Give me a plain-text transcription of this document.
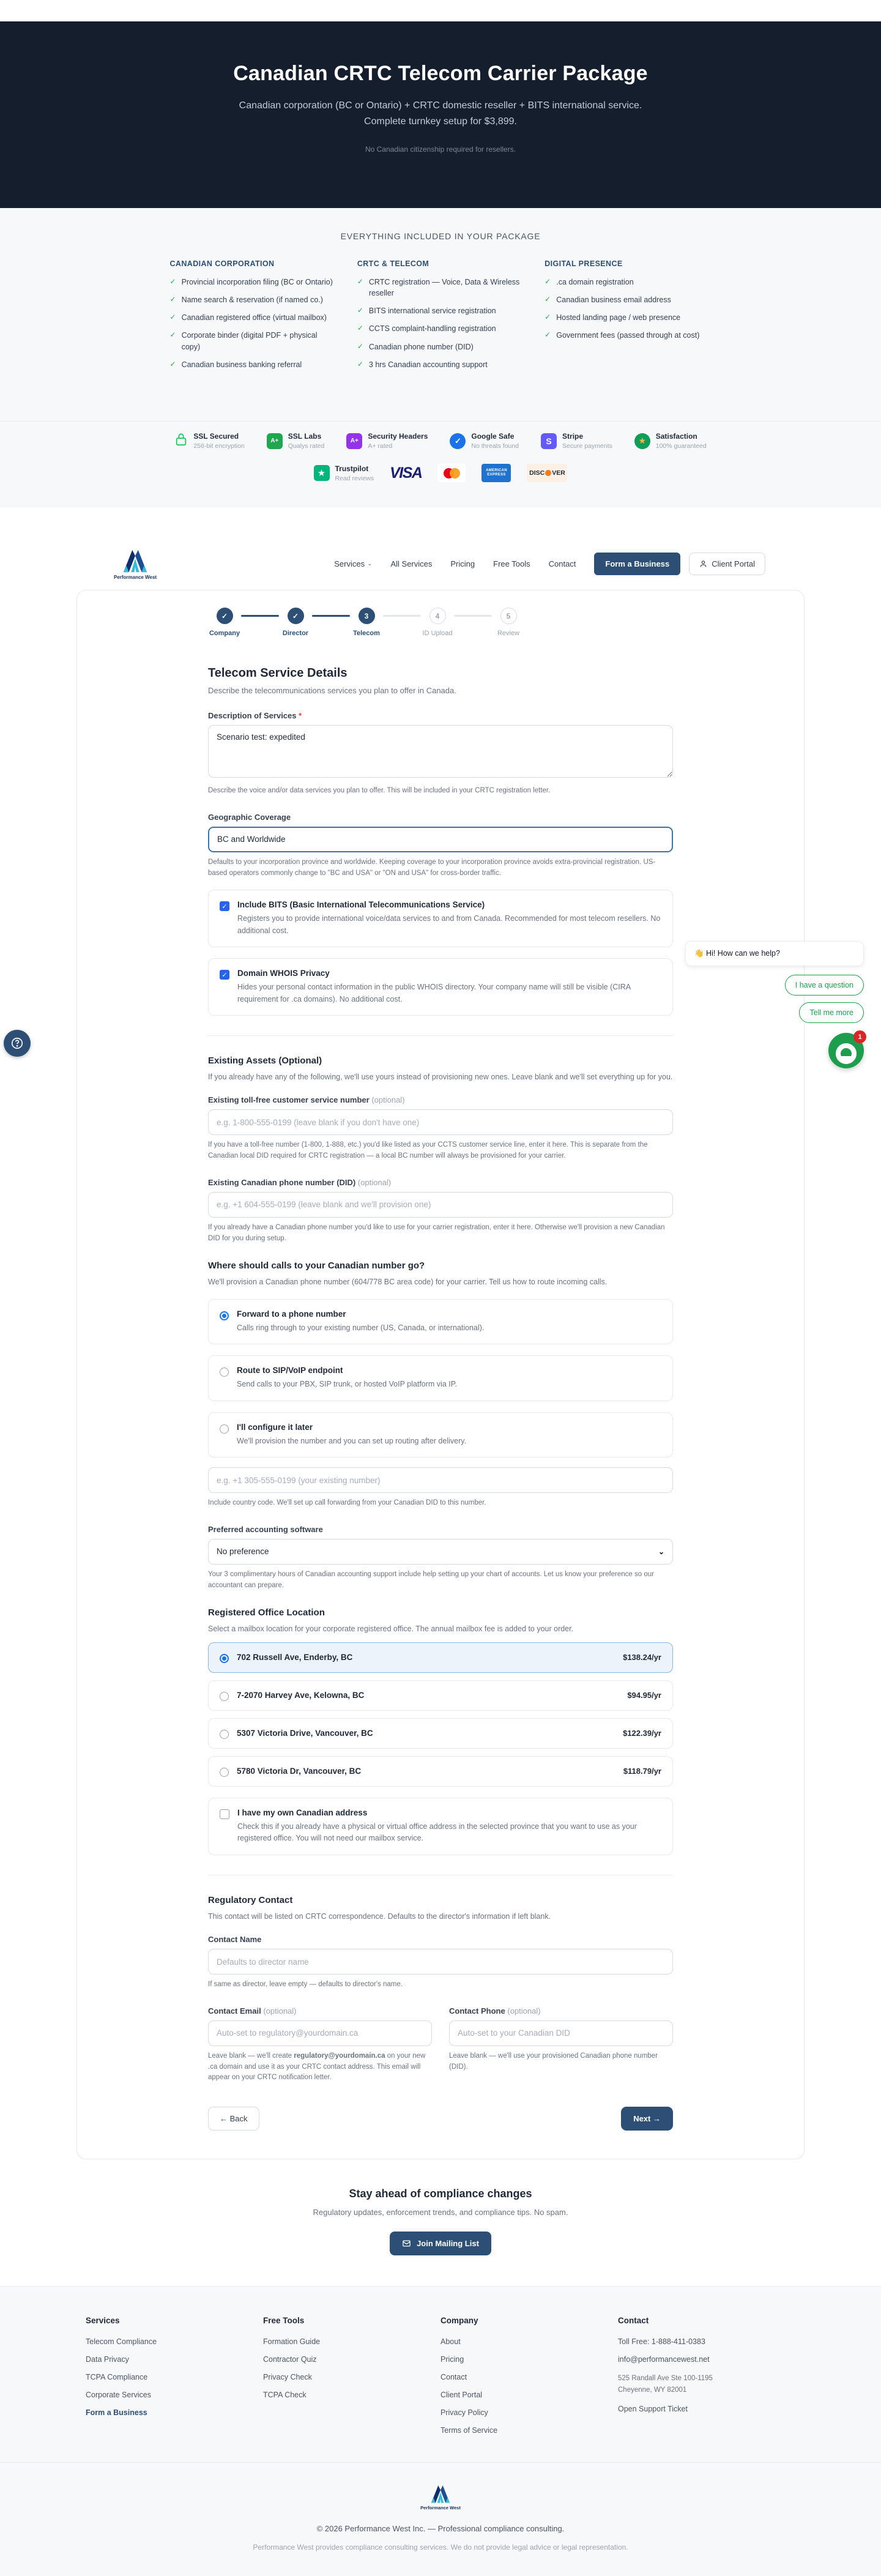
Canadian CRTC Telecom Carrier Package
Canadian corporation (BC or Ontario) + CRTC domestic reseller + BITS international service. Complete turnkey setup for $3,899.
No Canadian citizenship required for resellers.
EVERYTHING INCLUDED IN YOUR PACKAGE
CANADIAN CORPORATION
✓ Provincial incorporation filing (BC or Ontario)
✓ Name search & reservation (if named co.)
✓ Canadian registered office (virtual mailbox)
✓ Corporate binder (digital PDF + physical copy)
✓ Canadian business banking referral
CRTC & TELECOM
✓ CRTC registration — Voice, Data & Wireless reseller
✓ BITS international service registration
✓ CCTS complaint-handling registration
✓ Canadian phone number (DID)
✓ 3 hrs Canadian accounting support
DIGITAL PRESENCE
✓ .ca domain registration
✓ Canadian business email address
✓ Hosted landing page / web presence
✓ Government fees (passed through at cost)
SSL Secured
256-bit encryption
A+
SSL Labs
Qualys rated
A+
Security Headers
A+ rated
✓	Google Safe
No threats found
S	Stripe
Secure payments
★	Satisfaction
100% guaranteed
★	Trustpilot
Read reviews VISA	AMERICAN
EXPRESS	DISC VER
Performance West
Services ⌄ All Services Pricing Free Tools Contact	Form a Business	Client Portal
✓
Company
✓
Director
3
Telecom
4
ID Upload
5
Review
Telecom Service Details
Describe the telecommunications services you plan to offer in Canada.
Description of Services *
Scenario test: expedited
Describe the voice and/or data services you plan to offer. This will be included in your CRTC registration letter.
Geographic Coverage
BC and Worldwide
Defaults to your incorporation province and worldwide. Keeping coverage to your incorporation province avoids extra-provincial registration. US-based operators commonly change to "BC and USA" or "ON and USA" for cross-border traffic.
✓ Include BITS (Basic International Telecommunications Service)
Registers you to provide international voice/data services to and from Canada. Recommended for most telecom resellers. No additional cost.
✓ Domain WHOIS Privacy
Hides your personal contact information in the public WHOIS directory. Your company name will still be visible (CIRA requirement for .ca domains). No additional cost.
Existing Assets (Optional)
If you already have any of the following, we'll use yours instead of provisioning new ones. Leave blank and we'll set everything up for you.
Existing toll-free customer service number (optional)
e.g. 1-800-555-0199 (leave blank if you don't have one)
If you have a toll-free number (1-800, 1-888, etc.) you'd like listed as your CCTS customer service line, enter it here. This is separate from the Canadian local DID required for CRTC registration — a local BC number will always be provisioned for your carrier.
Existing Canadian phone number (DID) (optional)
e.g. +1 604-555-0199 (leave blank and we'll provision one)
If you already have a Canadian phone number you'd like to use for your carrier registration, enter it here. Otherwise we'll provision a new Canadian DID for you during setup.
Where should calls to your Canadian number go?
We'll provision a Canadian phone number (604/778 BC area code) for your carrier. Tell us how to route incoming calls.
Forward to a phone number
Calls ring through to your existing number (US, Canada, or international).
Route to SIP/VoIP endpoint
Send calls to your PBX, SIP trunk, or hosted VoIP platform via IP.
I'll configure it later
We'll provision the number and you can set up routing after delivery.
e.g. +1 305-555-0199 (your existing number)
Include country code. We'll set up call forwarding from your Canadian DID to this number.
Preferred accounting software
No preference	⌄
Your 3 complimentary hours of Canadian accounting support include help setting up your chart of accounts. Let us know your preference so our accountant can prepare.
Registered Office Location
Select a mailbox location for your corporate registered office. The annual mailbox fee is added to your order.
702 Russell Ave, Enderby, BC	$138.24/yr
7-2070 Harvey Ave, Kelowna, BC	$94.95/yr
5307 Victoria Drive, Vancouver, BC	$122.39/yr
5780 Victoria Dr, Vancouver, BC	$118.79/yr
I have my own Canadian address
Check this if you already have a physical or virtual office address in the selected province that you want to use as your registered office. You will not need our mailbox service.
Regulatory Contact
This contact will be listed on CRTC correspondence. Defaults to the director's information if left blank.
Contact Name
Defaults to director name
If same as director, leave empty — defaults to director's name.
Contact Email (optional)
Auto-set to regulatory@yourdomain.ca
Leave blank — we'll create regulatory@yourdomain.ca on your new .ca domain and use it as your CRTC contact address. This email will appear on your CRTC notification letter.
Contact Phone (optional)
Auto-set to your Canadian DID
Leave blank — we'll use your provisioned Canadian phone number (DID).
← Back	Next →
Stay ahead of compliance changes

Regulatory updates, enforcement trends, and compliance tips. No spam.

Join Mailing List
Services
Telecom Compliance
Data Privacy
TCPA Compliance
Corporate Services
Form a Business
Free Tools
Formation Guide
Contractor Quiz
Privacy Check
TCPA Check
Company
About
Pricing
Contact
Client Portal
Privacy Policy
Terms of Service
Contact
Toll Free: 1-888-411-0383
info@performancewest.net
525 Randall Ave Ste 100-1195
Cheyenne, WY 82001
Open Support Ticket
Performance West
© 2026 Performance West Inc. — Professional compliance consulting.
Performance West provides compliance consulting services. We do not provide legal advice or legal representation.
👋 Hi! How can we help?
I have a question
Tell me more
1
